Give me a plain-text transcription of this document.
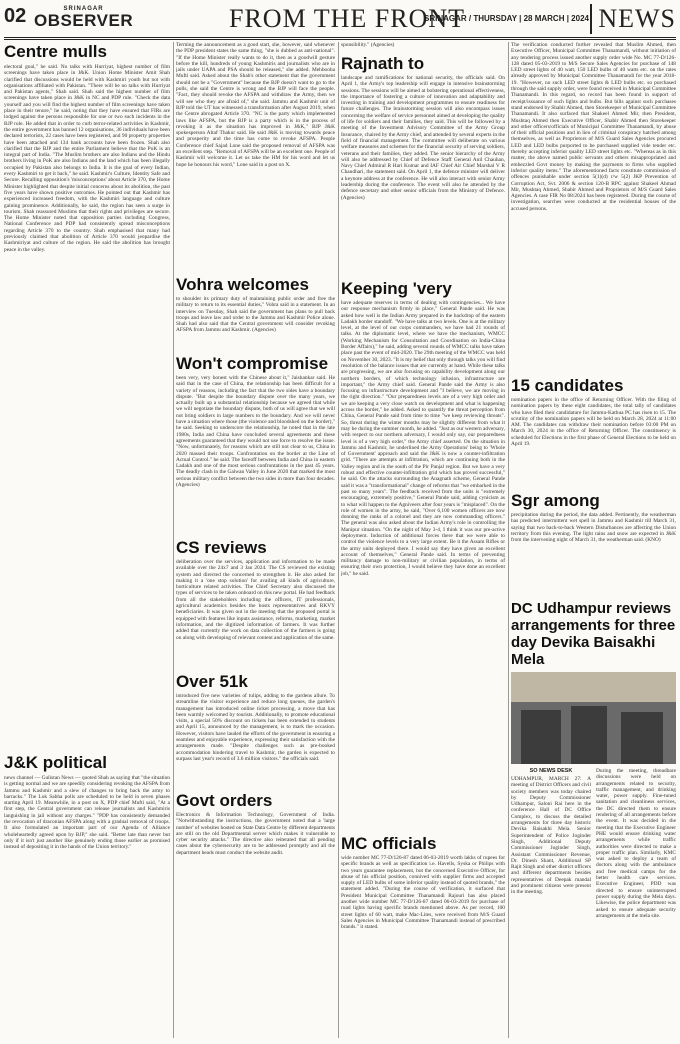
02	SRINAGAR
OBSERVER	FROM THE FRONT
SRINAGAR / THURSDAY | 28 MARCH | 2024 NEWS
Centre mulls
electoral goal," he said. No talks with Hurriyat, highest number of film screenings have taken place in J&K. Union Home Minister Amit Shah clarified that discussions would be held with Kashmiri youth but not with organisations affiliated with Pakistan. "There will be no talks with Hurriyat and Pakistan agents," Shah said. Shah said the highest number of film screenings have taken place in J&K in NC and PDP rule. "Check the data yourself and you will find the highest number of film screenings have taken place in their tenure," he said, noting that they have ensured that FIRs are lodged against the persons responsible for one or two such incidents in the BJP rule. He added that in order to curb terror-related activities in Kashmir, the entire government has banned 12 organisations, 36 individuals have been declared terrorists, 22 cases have been registered, and 90 property properties have been attached and 134 bank accounts have been frozen. Shah also clarified that the BJP and the entire Parliament believe that the PoK is an integral part of India. "The Muslim brothers are also Indians and the Hindu brothers living in PoK are also Indians and the land which has been illegally occupied by Pakistan also belongs to India. It is the goal of every Indian, every Kashmiri to get it back," he said. Kashmir's Culture, Identity Safe and Secure. Recalling opposition's 'misconceptions' about Article 370, the Home Minister highlighted that despite initial concerns about its abolition, the past five years have shown positive outcomes. He pointed out that Kashmir has experienced increased freedom, with the Kashmiri language and culture gaining prominence. Additionally, he said, the region has seen a surge in tourism. Shah reassured Muslims that their rights and privileges are secure. The Home Minister noted that opposition parties including Congress, National Conference and PDP had consistently spread misconceptions regarding Article 370 to the country. Shah emphasised that many had previously claimed that abolition of Article 370 would jeopardise the Kashmiriyat and culture of the region. He said the abolition has brought peace in the valley.
J&K political
news channel — Gulistan News — quoted Shah as saying that "the situation is getting normal and we are speedily considering revoking the AFSPA from Jammu and Kashmir and a slew of changes to bring back the army to barracks." The Lok Sabha polls are scheduled to be held in seven phases starting April 19. Meanwhile, in a post on X, PDP chief Mufti said, "At a first step, the Central government can release journalists and Kashmiris languishing in jail without any charges." "PDP has consistently demanded the revocation of draconian AFSPA along with a gradual removal of troops. It also formulated an important part of our Agenda of Alliance wholeheartedly agreed upon by BJP," she said. "Better late than never but only if it isn't just another like genuinely ending those earlier as promised instead of depositing it in the hands of the Union territory."
Terming the announcement as a good start, she, however, said whenever the PDP president states the same thing, "she is dubbed as anti-national". "If the Home Minister really wants to do it, then as a goodwill gesture before the kill, hundreds of young Kashmiris and journalists who are in jails under UAPA and PSA should be released," she added. Mehbooba Mufti said. Asked about the Shah's other statement that the government should not be a "Government" because the BJP doesn't want to go to the polls, she said the Centre is wrong and the BJP will face the people. "Fact, they should revoke the AFSPA and withdraw the Army, then we will see who they are afraid of," she said. Jammu and Kashmir unit of BJP told the UT has witnessed a transformation after August 2019, when the Centre abrogated Article 370. "NC is the party which implemented laws like AFSPA, but the BJP is a party which is in the process of revoking it as the situation has improved in J&K," BJP J&K spokesperson Altaf Thakur said. He said J&K is moving towards peace and prosperity and the time has come to revoke AFSPA. People Conference chief Sajad Lone said the proposed removal of AFSPA was an excellent step. "Removal of AFSPA will be an excellent one. People of Kashmir will welcome it. Let us take the HM for his word and let us hope he honours his word," Lone said in a post on X.
Vohra welcomes
to shoulder its primary duty of maintaining public order and free the military to return to its essential duties," Vohra said in a statement. In an interview on Tuesday, Shah said the government has plans to pull back troops and leave law and order to the Jammu and Kashmir Police alone. Shah had also said that the Central government will consider revoking AFSPA from Jammu and Kashmir. (Agencies)
Won't compromise
been very, very honest with the Chinese about it," Jaishankar said. He said that in the case of China, the relationship has been difficult for a variety of reasons, including the fact that the two sides have a boundary dispute. "But despite the boundary dispute over the many years, we actually built up a substantial relationship because we agreed that while we will negotiate the boundary dispute, both of us will agree that we will not bring soldiers in large numbers to the boundary. And we will never have a situation where those (the violence and bloodshed on the border)," he said. Seeking to underscore the relationship, he noted that in the late 1980s, India and China have concluded several agreements and these agreements guaranteed that they would not use force to resolve the issue. "Now, unfortunately, for reasons which are still not clear to us, China in 2020 massed their troops. Confrontation on the border at the Line of Actual Control." he said. The faceoff between India and China in eastern Ladakh and one of the most serious confrontations in the past 45 years. The deadly clash in the Galwan Valley in June 2020 that marked the most serious military conflict between the two sides in more than four decades. (Agencies)
CS reviews
deliberation over the services, application and information to be made available over the 24x7 and 3 Jan 2024. The CS reviewed the existing system and directed the concerned to strengthen it. He also asked for making it a 'one stop solution' for availing all kinds of agriculture, horticulture related activities. The Chief Secretary also discussed the types of services to be taken onboard on this new portal. He had feedback from all the stakeholders including the officers, IT professionals, agricultural academics besides the hosts representatives and RKVY beneficiaries. It was given out in the meeting that the proposed portal is equipped with features like inputs assistance, reforms, marketing, market information, and the digitized information of farmers. It was further added that currently the work on data collection of the farmers is going on along with developing of relevant content and application of the same.
Over 51k
introduced five new varieties of tulips, adding to the gardens allure. To streamline the visitor experience and reduce long queues, the garden's management has introduced online ticket processing, a move that has been warmly welcomed by tourists. Additionally, to promote educational visits, a special 50% discount on tickets has been extended to students and April 15, announced by the management, is to mark the occasion. However, visitors have lauded the efforts of the government in ensuring a seamless and enjoyable experience, expressing their satisfaction with the arrangements made. "Despite challenges such as pre-booked accommodation hindering travel to Kashmir, the garden is expected to surpass last year's record of 3.6 million visitors." the officials said.
Govt orders
Electronics & Information Technology, Government of India. "Notwithstanding the instructions, the government noted that a 'large number' of websites hosted on State Data Centre by different departments are still on the old Departmental server which makes it vulnerable to cyber security attacks." The directive also reiterated that all pending cases about the cybersecurity are to be addressed promptly and all the department heads must conduct the website audit.
sponsibility." (Agencies)
Rajnath to
landscape and ramifications for national security, the officials said. On April 1, the Army's top leadership will engage in intensive brainstorming sessions. The sessions will be aimed at bolstering operational effectiveness, the importance of fostering a culture of innovation and adaptability and investing in training and development programmes to ensure readiness for future challenges. The brainstorming session will also encompass issues concerning the welfare of service personnel aimed at developing the quality of life for soldiers and their families, they said. This will be followed by a meeting of the Investment Advisory Committee of the Army Group Insurance, chaired by the Army chief, and attended by several experts in the field of financial management. The committee will deliberate on various welfare measures and schemes for the financial security of serving soldiers, veterans and their families, they added. The senior hierarchy of the Army will also be addressed by Chief of Defence Staff General Anil Chauhan, Navy Chief Admiral R Hari Kumar and IAF Chief Air Chief Marshal V R Chaudhari, the statement said. On April 1, the defence minister will deliver a keynote address at the conference. He will also interact with senior Army leadership during the conference. The event will also be attended by the defence secretary and other senior officials from the Ministry of Defence. (Agencies)
Keeping 'very
have adequate reserves in terms of dealing with contingencies... We have our response mechanism firmly in place," General Pande said. He was asked how well is the Indian Army prepared in the backdrop of the eastern Ladakh border standoff. "We have talks at two levels. One is at the military level, at the level of our corps commanders, we have had 21 rounds of talks. At the diplomatic level, where we have the mechanism, WMCC (Working Mechanism for Consultation and Coordination on India-China Border Affairs)," he said, adding several rounds of WMCC talks have taken place past the event of mid-2020. The 29th meeting of the WMCC was held on November 30, 2023. "It is my belief that only through talks you will find resolution of the balance issues that are currently at hand. While these talks are progressing, we are also focusing on capability development along our northern borders, of which technology infusion, infrastructure are important," the Army chief said. General Pande said the Army is also focusing on infrastructure development and "I believe, we are moving in the right direction." "Our preparedness levels are of a very high order and we are keeping a very close watch on development and what is happening across the border," he added. Asked to quantify the threat perception from China, General Pande said from time to time "we keep reviewing threats". So, threat during the winter months may be slightly different from what it may be during the summer month, he added. "Just as our western adversary, with respect to our northern adversary, I would only say, our preparedness level is of a very high order," the Army chief asserted. On the situation in Jammu and Kashmir, he underlined the Army Operations' being to 'Whole of Government' approach and said the J&K is now a counter-infiltration grid. "There are attempts at infiltration, which are continuing both in the Valley region and in the south of the Pir Panjal region. But we have a very robust and effective counter-infiltration grid which has proved successful," he said. On the attacks surrounding the Anagnath scheme, General Pande said it was a "transformational" change of reforms that "we embarked in the past so many years". The feedback received from the units is "extremely encouraging, extremely positive," General Pande said, adding cynicism as to what will happen to the Agniveers after four years is "misplaced". On the role of women in the army, he said, "Over 6,100 women officers are now donning the ranks of a colonel and they are now commanding officers." The general was also asked about the Indian Army's role in controlling the Manipur situation. "On the night of May 3-4, I think it was our pre-active deployment. Induction of additional forces there that we were able to control the violence levels to a very large extent. Be it the Assam Rifles or the army units deployed there. I would say they have given an excellent account of themselves," General Pande said. In terms of preventing militancy damage to non-military or civilian population, in terms of ensuring their own protection, I would believe they have done an excellent job," he said.
MC officials
wide number MC 77-D/126-87 dated 06-03-2019 worth lakhs of rupees for specific brands as well as specification i.e. Havells, Syska or Philips with two years guarantee replacement, but the concerned Executive Officer, for abuse of his official position, connived with supplier firms and accepted supply of LED bulbs of some inferior quality instead of quoted brands," the statement added. "During the course of verification, it surfaced that President Municipal Committee Thanamandi Rajouri has also placed another wide number MC 77-D/126-87 dated 06-03-2019 for purchase of road lights having specific brands mentioned above. As per record, 100 street lights of 60 watt, make Mac-Lites, were received from M/S Guard Sales Agencies in Municipal Committee Thanamandi instead of prescribed brands." it stated.
The verification conducted further revealed that Muslim Ahmed, then Executive Officer, Municipal Committee Thanamandi, without initiation of any tendering process issued another supply order wide No. MC 77-D/126-128 dated 05-03-2019 to M/S Secure Sales Agencies for purchase of 148 LED street lights of 40 watt, 150 LED bulbs of 40 watts etc. on the rates already approved by Municipal Committee Thanamandi for the year 2018-19. "However, no such LED street lights & LED bulbs etc. so purchased through the said supply order, were found received in Municipal Committee Thanamandi. In this regard, no record has been found in support of receipt/issuance of such lights and bulbs. But bills against such purchases stand endorsed by Shabir Ahmed, then Storekeeper of Municipal Committee Thanamandi. It also surfaced that Shakeel Ahmed Mir, then President, Mushtaq Ahmed then Executive Officer, Shabir Ahmed then Storekeeper and other officers/officials of Municipal Committee Thanamandi, by abuse of their official positions and in lieu of criminal conspiracy hatched among themselves, as well as Proprietors of M/S Guard Sales Agencies procured LED and LED bulbs purported to be purchased supplied vide tender etc. thereby accepting inferior quality LED street lights etc. "Whereas as in this matter, the above named public servants and others misappropriated and embezzled Govt money by making the payments to firms who supplied inferior quality items." The aforementioned facts constitute commission of offences punishable under section 5(1)(d) r/w 5(2) JKP Prevention of Corruption Act, Svt. 2006 & section 120-B RPC against Shakeel Ahmad Mir, Mushtaq Ahmed, Shabir Ahmed and Proprietors of M/S Guard Sales Agencies. A case FIR No 08/2024 has been registered. During the course of investigation, searches were conducted at the residential houses of the accused persons.
15 candidates
nomination papers in the office of Returning Officer. With the filing of nomination papers by these eight candidates, the total tally of candidates who have filed their candidature for Jammu-Kathua PC has risen to 15. The scrutiny of the nomination papers will be held on March 28, 2024 at 11:00 AM. The candidates can withdraw their nomination before 03:00 PM on March 30, 2024 in the office of Returning Officer. The constituency is scheduled for Elections in the first phase of General Elections to be held on April 19.
Sgr among
precipitation during the period, the data added. Pertinently, the weatherman has predicted intermittent wet spell in Jammu and Kashmir till March 31, saying that two back-to-back Western Disturbances are affecting the Union territory from this evening. The light rains and snow are expected in J&K from the intervening night of March 31, the weatherman said. (KNO)
DC Udhampur reviews arrangements for three day Devika Baisakhi Mela
SO NEWS DESK
UDHAMPUR, MARCH 27: A meeting of District Officers and civil society members was today chaired by Deputy Commissioner Udhampur, Saloni Rai here in the conference Hall of DC Office Complex, to discuss the detailed arrangements for three day historic Devika Baisakhi Mela. Senior Superintendent of Police Joginder Singh, Additional Deputy Commissioner Joginder Singh, Assistant Commissioner Revenue, Dr. Dinesh Shant, Additional SP Rajit Singh and other district officers and different departments besides representatives of Deepak mandal and prominent citizens were present in the meeting.
During the meeting, threadbare discussions were held on arrangements related to security, traffic management, and drinking water, power supply. Fine-tuned sanitation and cleanliness services, the DC directed them to ensure rendering of all arrangements before the event. It was decided in the meeting that the Executive Engineer PHE would ensure drinking water arrangements while traffic authorities were directed to make a proper traffic plan. Similarly, KMC was asked to deploy a team of doctors along with the ambulance and free medical camps for the better health care services. Executive Engineer, PDD was directed to ensure uninterrupted power supply during the Mela days. Likewise, the police department was asked to ensure adequate security arrangements at the mela site.
